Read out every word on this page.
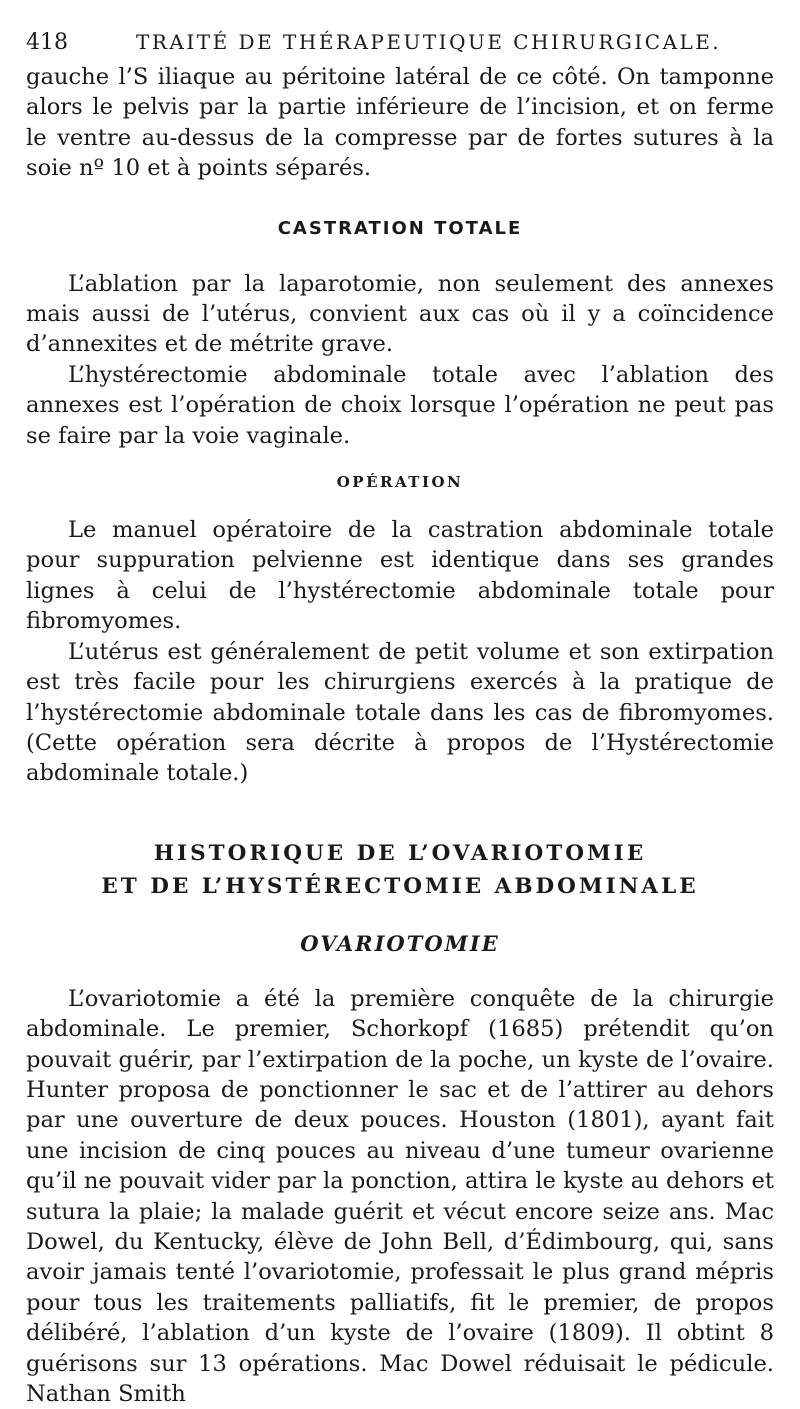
418	TRAITÉ DE THÉRAPEUTIQUE CHIRURGICALE.

gauche l’S iliaque au péritoine latéral de ce côté. On tamponne alors le pelvis par la partie inférieure de l’incision, et on ferme le ventre au-dessus de la compresse par de fortes sutures à la soie nº 10 et à points séparés.

CASTRATION TOTALE

L’ablation par la laparotomie, non seulement des annexes mais aussi de l’utérus, convient aux cas où il y a coïncidence d’annexites et de métrite grave.

L’hystérectomie abdominale totale avec l’ablation des annexes est l’opération de choix lorsque l’opération ne peut pas se faire par la voie vaginale.

OPÉRATION

Le manuel opératoire de la castration abdominale totale pour suppuration pelvienne est identique dans ses grandes lignes à celui de l’hystérectomie abdominale totale pour fibromyomes.

L’utérus est généralement de petit volume et son extirpation est très facile pour les chirurgiens exercés à la pratique de l’hystérectomie abdominale totale dans les cas de fibromyomes. (Cette opération sera décrite à propos de l’Hystérectomie abdominale totale.)

HISTORIQUE DE L’OVARIOTOMIE
ET DE L’HYSTÉRECTOMIE ABDOMINALE
OVARIOTOMIE

L’ovariotomie a été la première conquête de la chirurgie abdominale. Le premier, Schorkopf (1685) prétendit qu’on pouvait guérir, par l’extirpation de la poche, un kyste de l’ovaire. Hunter proposa de ponctionner le sac et de l’attirer au dehors par une ouverture de deux pouces. Houston (1801), ayant fait une incision de cinq pouces au niveau d’une tumeur ovarienne qu’il ne pouvait vider par la ponction, attira le kyste au dehors et sutura la plaie; la malade guérit et vécut encore seize ans. Mac Dowel, du Kentucky, élève de John Bell, d’Édimbourg, qui, sans avoir jamais tenté l’ovariotomie, professait le plus grand mépris pour tous les traitements palliatifs, fit le premier, de propos délibéré, l’ablation d’un kyste de l’ovaire (1809). Il obtint 8 guérisons sur 13 opérations. Mac Dowel réduisait le pédicule. Nathan Smith
